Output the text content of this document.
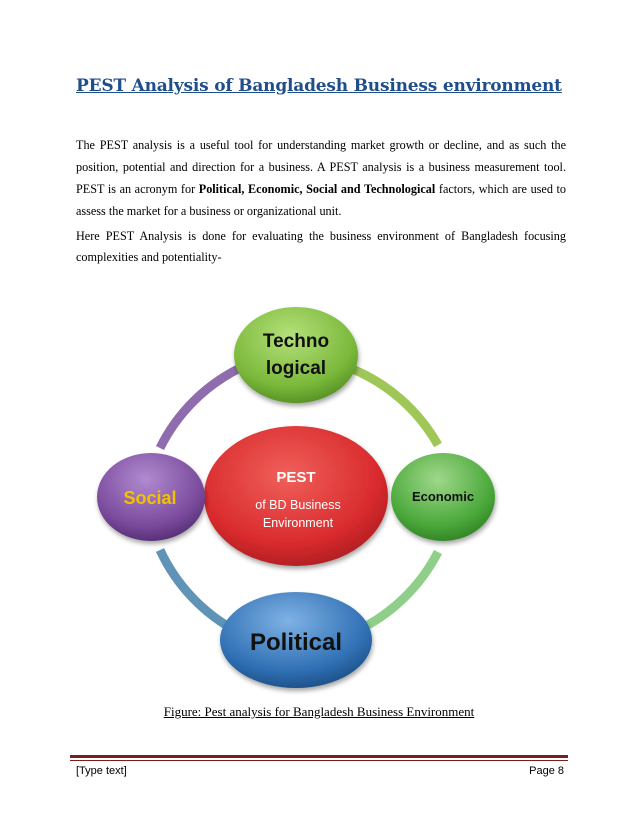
PEST Analysis of Bangladesh Business environment

The PEST analysis is a useful tool for understanding market growth or decline, and as such the position, potential and direction for a business. A PEST analysis is a business measurement tool. PEST is an acronym for Political, Economic, Social and Technological factors, which are used to assess the market for a business or organizational unit.

Here PEST Analysis is done for evaluating the business environment of Bangladesh focusing complexities and potentiality-

PEST
of BD Business
Environment
Techno
logical
Social	Economic
Political
Figure: Pest analysis for Bangladesh Business Environment
[Type text]	Page 8
